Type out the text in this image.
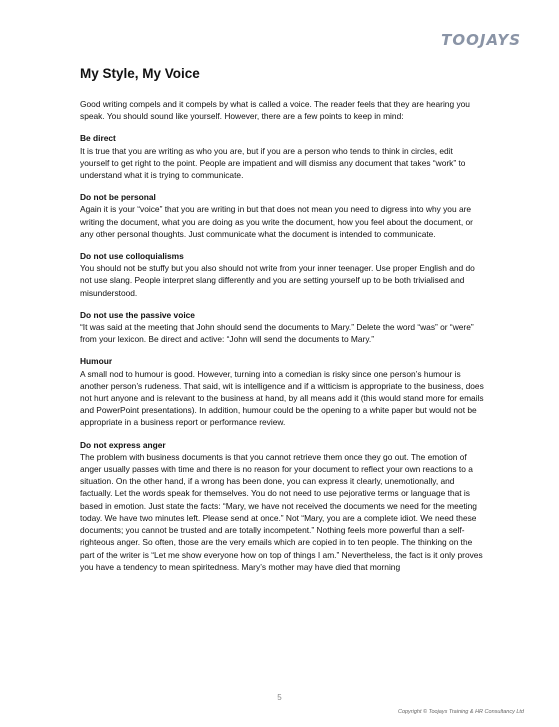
TOOJAYS
My Style, My Voice

Good writing compels and it compels by what is called a voice. The reader feels that they are hearing you speak. You should sound like yourself. However, there are a few points to keep in mind:

Be direct
It is true that you are writing as who you are, but if you are a person who tends to think in circles, edit yourself to get right to the point. People are impatient and will dismiss any document that takes “work” to understand what it is trying to communicate.
Do not be personal
Again it is your “voice” that you are writing in but that does not mean you need to digress into why you are writing the document, what you are doing as you write the document, how you feel about the document, or any other personal thoughts. Just communicate what the document is intended to communicate.
Do not use colloquialisms
You should not be stuffy but you also should not write from your inner teenager. Use proper English and do not use slang. People interpret slang differently and you are setting yourself up to be both trivialised and misunderstood.
Do not use the passive voice
“It was said at the meeting that John should send the documents to Mary.” Delete the word “was” or “were” from your lexicon. Be direct and active: “John will send the documents to Mary.”
Humour
A small nod to humour is good. However, turning into a comedian is risky since one person’s humour is another person’s rudeness. That said, wit is intelligence and if a witticism is appropriate to the business, does not hurt anyone and is relevant to the business at hand, by all means add it (this would stand more for emails and PowerPoint presentations). In addition, humour could be the opening to a white paper but would not be appropriate in a business report or performance review.
Do not express anger
The problem with business documents is that you cannot retrieve them once they go out. The emotion of anger usually passes with time and there is no reason for your document to reflect your own reactions to a situation. On the other hand, if a wrong has been done, you can express it clearly, unemotionally, and factually. Let the words speak for themselves. You do not need to use pejorative terms or language that is based in emotion. Just state the facts: “Mary, we have not received the documents we need for the meeting today. We have two minutes left. Please send at once.” Not “Mary, you are a complete idiot. We need these documents; you cannot be trusted and are totally incompetent.” Nothing feels more powerful than a self-righteous anger. So often, those are the very emails which are copied in to ten people. The thinking on the part of the writer is “Let me show everyone how on top of things I am.” Nevertheless, the fact is it only proves you have a tendency to mean spiritedness. Mary’s mother may have died that morning
5
Copyright © Toojays Training & HR Consultancy Ltd
